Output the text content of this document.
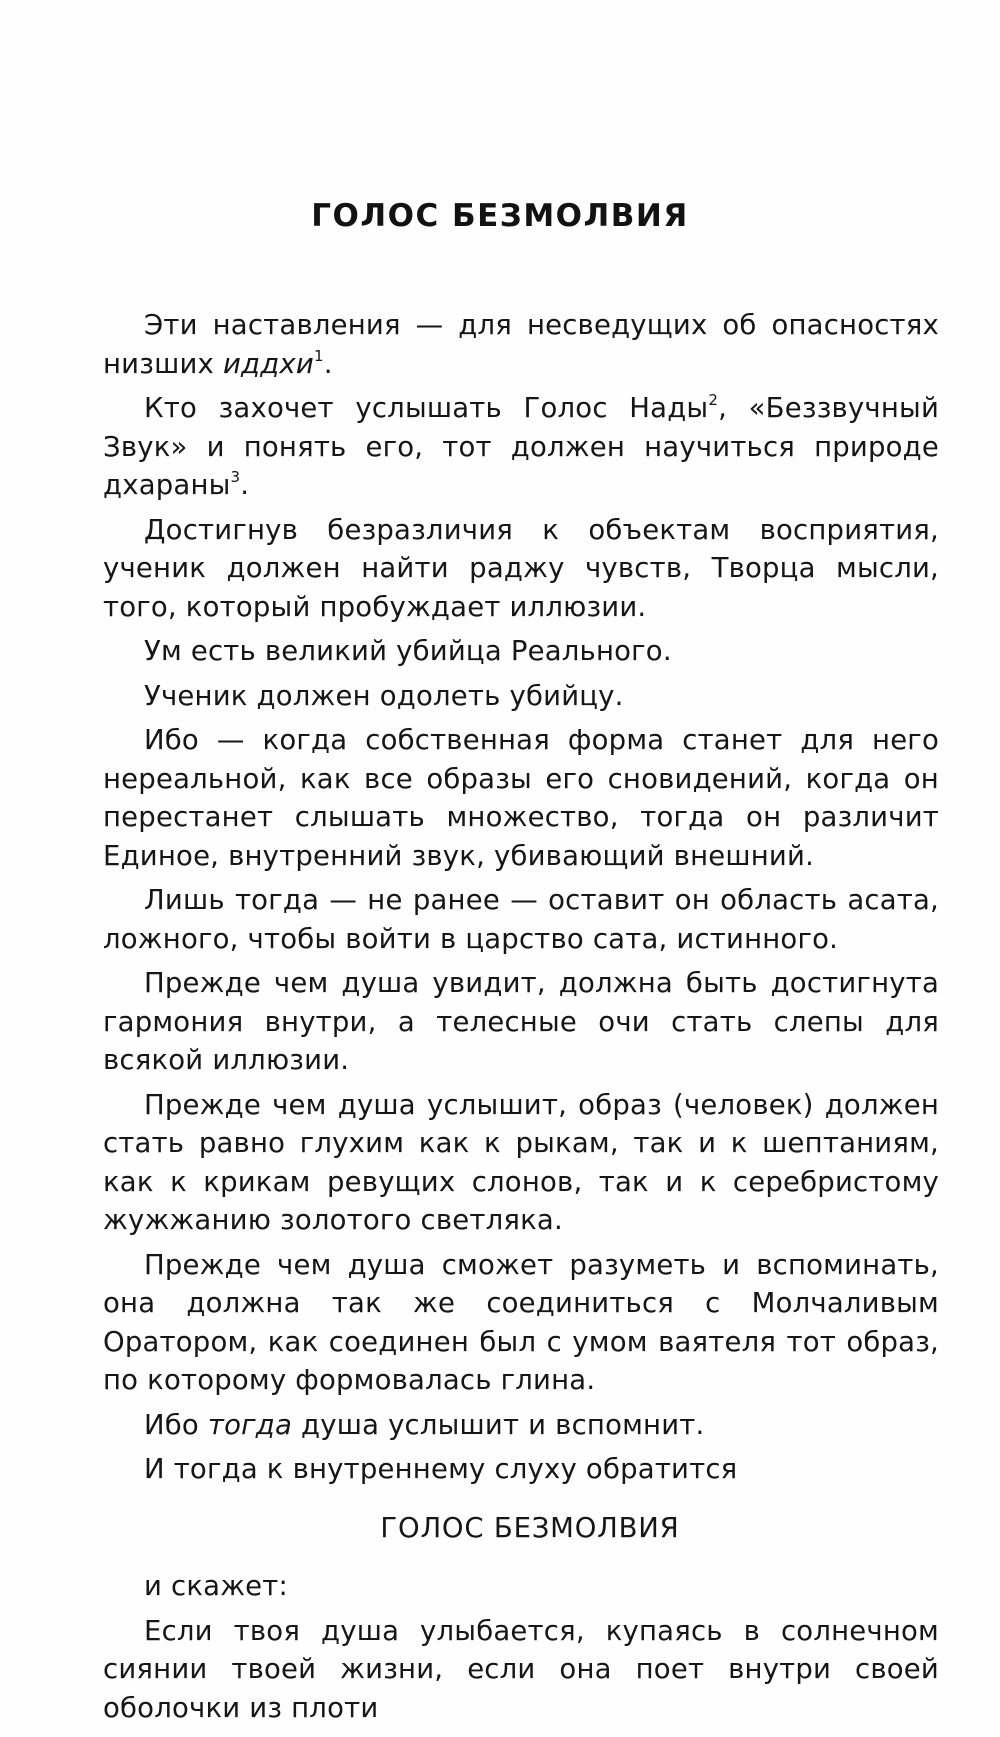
ГОЛОС БЕЗМОЛВИЯ

Эти наставления — для несведущих об опасностях низших иддхи$^1$.

Кто захочет услышать Голос Нады$^2$, «Беззвучный Звук» и понять его, тот должен научиться природе дхараны$^3$.

Достигнув безразличия к объектам восприятия, ученик должен найти раджу чувств, Творца мысли, того, который пробуждает иллюзии.

Ум есть великий убийца Реального.

Ученик должен одолеть убийцу.

Ибо — когда собственная форма станет для него нереальной, как все образы его сновидений, когда он перестанет слышать множество, тогда он различит Единое, внутренний звук, убивающий внешний.

Лишь тогда — не ранее — оставит он область асата, ложного, чтобы войти в царство сата, истинного.

Прежде чем душа увидит, должна быть достигнута гармония внутри, а телесные очи стать слепы для всякой иллюзии.

Прежде чем душа услышит, образ (человек) должен стать равно глухим как к рыкам, так и к шептаниям, как к крикам ревущих слонов, так и к серебристому жужжанию золотого светляка.

Прежде чем душа сможет разуметь и вспоминать, она должна так же соединиться с Молчаливым Оратором, как соединен был с умом ваятеля тот образ, по которому формовалась глина.

Ибо тогда душа услышит и вспомнит.

И тогда к внутреннему слуху обратится

ГОЛОС БЕЗМОЛВИЯ

и скажет:

Если твоя душа улыбается, купаясь в солнечном сиянии твоей жизни, если она поет внутри своей оболочки из плоти
